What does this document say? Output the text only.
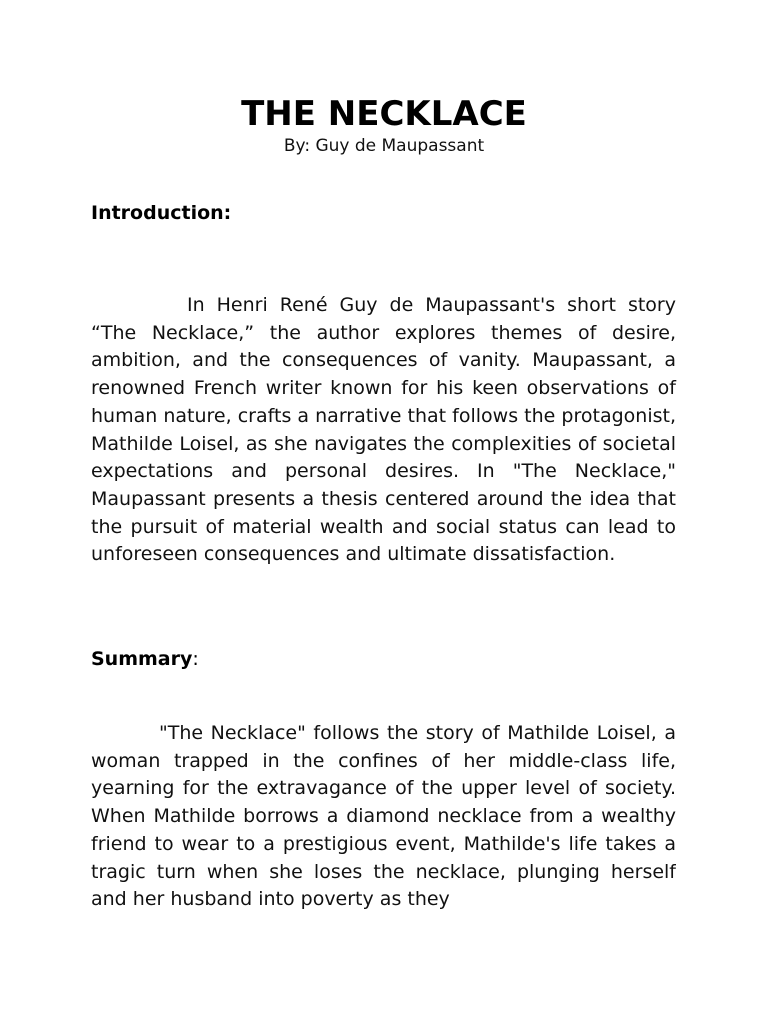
THE NECKLACE
By: Guy de Maupassant
Introduction:
In Henri René Guy de Maupassant's short story “The Necklace,” the author explores themes of desire, ambition, and the consequences of vanity. Maupassant, a renowned French writer known for his keen observations of human nature, crafts a narrative that follows the protagonist, Mathilde Loisel, as she navigates the complexities of societal expectations and personal desires. In "The Necklace," Maupassant presents a thesis centered around the idea that the pursuit of material wealth and social status can lead to unforeseen consequences and ultimate dissatisfaction.
Summary:
"The Necklace" follows the story of Mathilde Loisel, a woman trapped in the confines of her middle-class life, yearning for the extravagance of the upper level of society. When Mathilde borrows a diamond necklace from a wealthy friend to wear to a prestigious event, Mathilde's life takes a tragic turn when she loses the necklace, plunging herself and her husband into poverty as they
